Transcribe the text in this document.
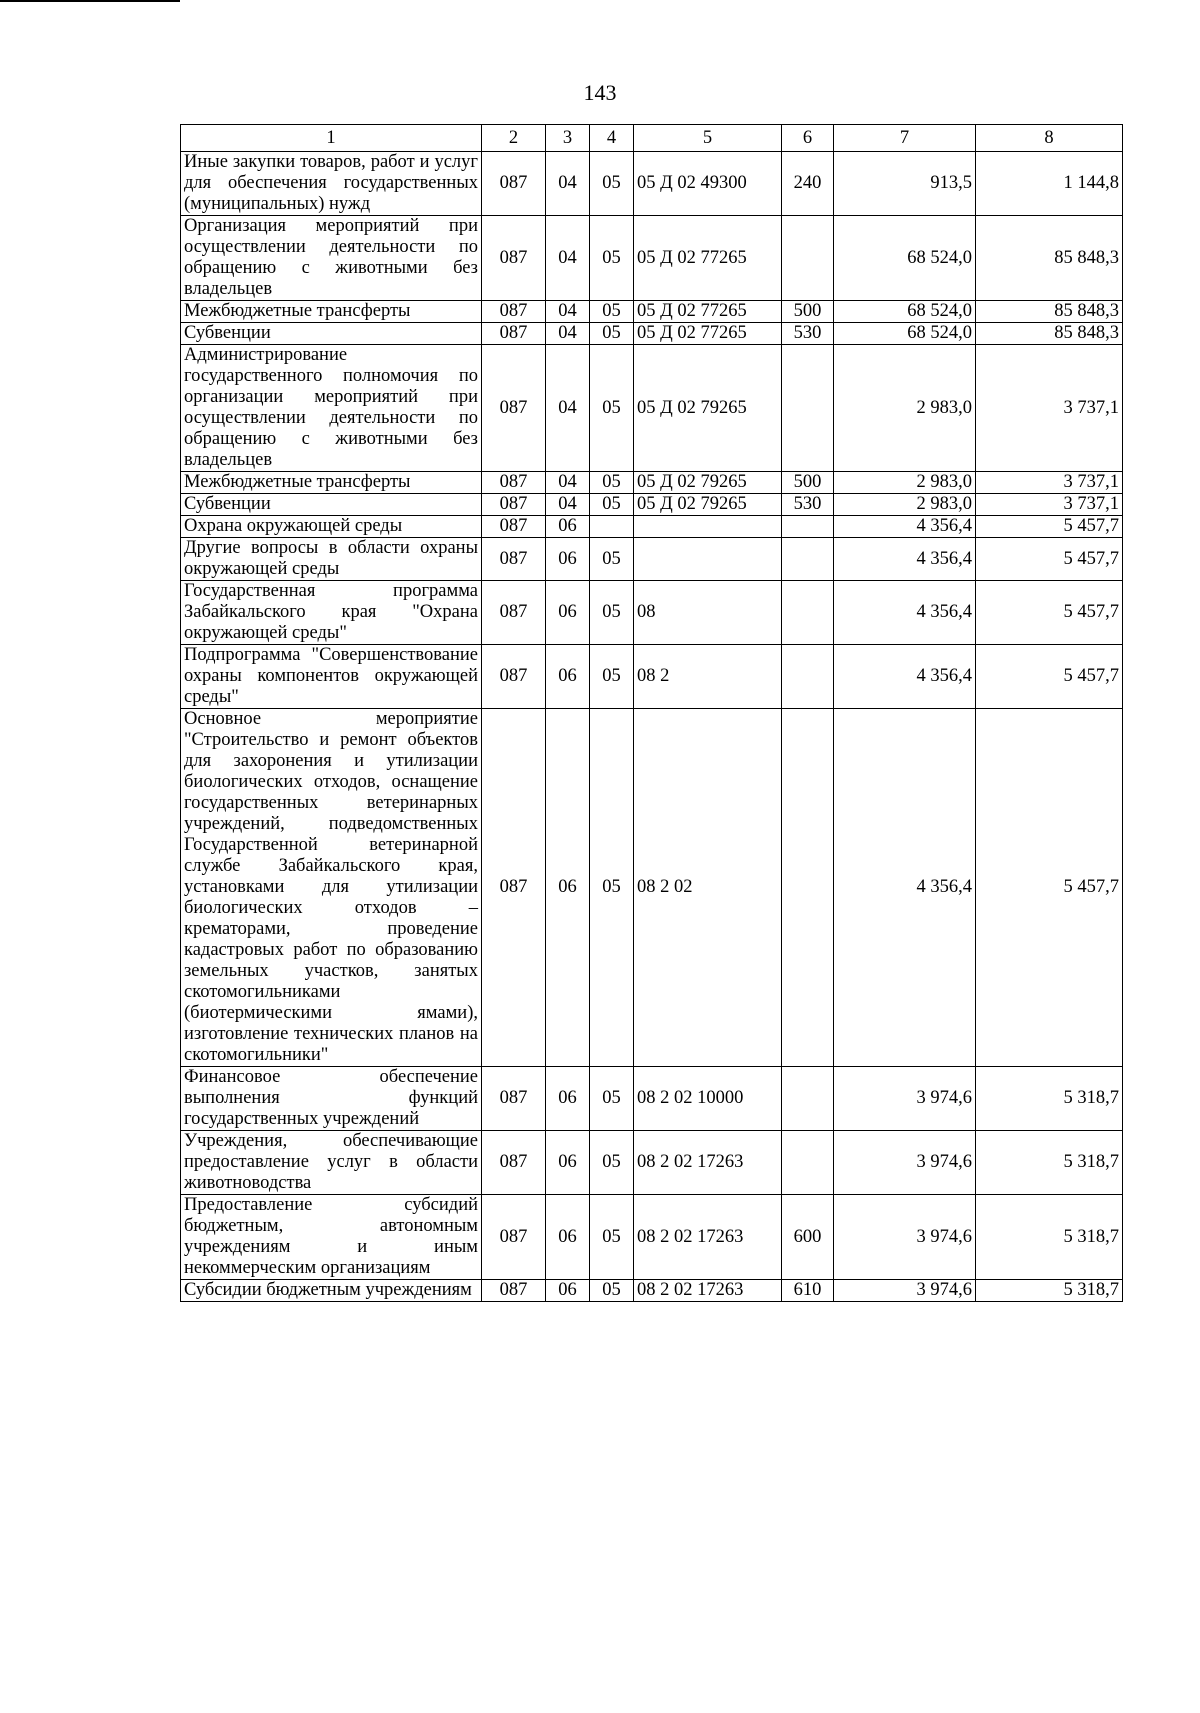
143
1	2	3	4	5	6	7	8
Иные закупки товаров, работ и услуг для обеспечения государственных (муниципальных) нужд	087	04	05	05 Д 02 49300	240	913,5	1 144,8
Организация мероприятий при осуществлении деятельности по обращению с животными без владельцев	087	04	05	05 Д 02 77265		68 524,0	85 848,3
Межбюджетные трансферты	087	04	05	05 Д 02 77265	500	68 524,0	85 848,3
Субвенции	087	04	05	05 Д 02 77265	530	68 524,0	85 848,3
Администрирование государственного полномочия по организации мероприятий при осуществлении деятельности по обращению с животными без владельцев	087	04	05	05 Д 02 79265		2 983,0	3 737,1
Межбюджетные трансферты	087	04	05	05 Д 02 79265	500	2 983,0	3 737,1
Субвенции	087	04	05	05 Д 02 79265	530	2 983,0	3 737,1
Охрана окружающей среды	087	06				4 356,4	5 457,7
Другие вопросы в области охраны окружающей среды	087	06	05			4 356,4	5 457,7
Государственная программа Забайкальского края "Охрана окружающей среды"	087	06	05	08		4 356,4	5 457,7
Подпрограмма "Совершенствование охраны компонентов окружающей среды"	087	06	05	08 2		4 356,4	5 457,7
Основное мероприятие "Строительство и ремонт объектов для захоронения и утилизации биологических отходов, оснащение государственных ветеринарных учреждений, подведомственных Государственной ветеринарной службе Забайкальского края, установками для утилизации биологических отходов – крематорами, проведение кадастровых работ по образованию земельных участков, занятых скотомогильниками (биотермическими ямами), изготовление технических планов на скотомогильники"	087	06	05	08 2 02		4 356,4	5 457,7
Финансовое обеспечение выполнения функций государственных учреждений	087	06	05	08 2 02 10000		3 974,6	5 318,7
Учреждения, обеспечивающие предоставление услуг в области животноводства	087	06	05	08 2 02 17263		3 974,6	5 318,7
Предоставление субсидий бюджетным, автономным учреждениям и иным некоммерческим организациям	087	06	05	08 2 02 17263	600	3 974,6	5 318,7
Субсидии бюджетным учреждениям	087	06	05	08 2 02 17263	610	3 974,6	5 318,7
